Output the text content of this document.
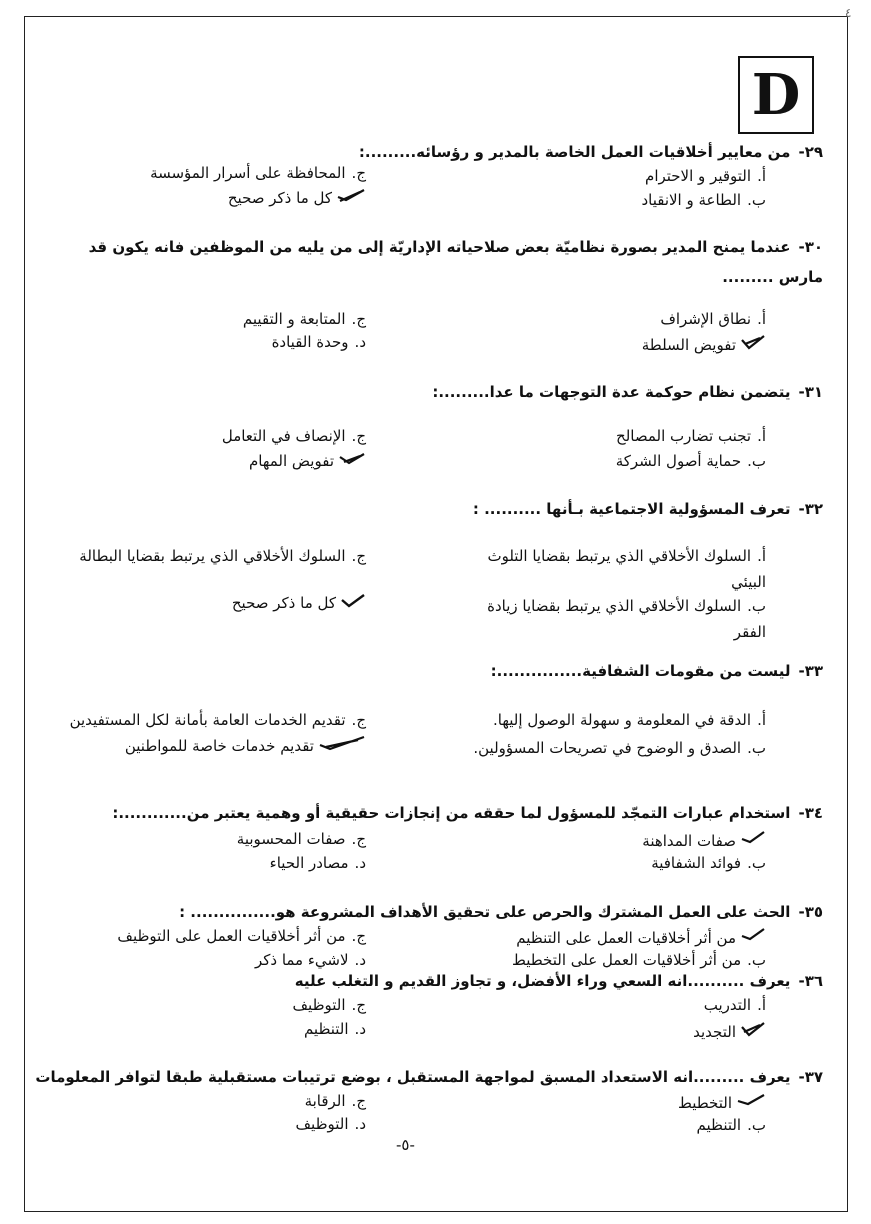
٤
D
٢٩-من معايير أخلاقيات العمل الخاصة بالمدير و رؤسائه.........:
أ.التوقير و الاحترام
ب.الطاعة و الانقياد
ج.المحافظة على أسرار المؤسسة
كل ما ذكر صحيح
٣٠-عندما يمنح المدير بصورة نظاميّة بعض صلاحياته الإداريّة إلى من يليه من الموظفين فانه يكون قد مارس .........
أ.نطاق الإشراف
تفويض السلطة
ج.المتابعة و التقييم
د.وحدة القيادة
٣١-يتضمن نظام حوكمة عدة التوجهات ما عدا.........:
أ.تجنب تضارب المصالح
ب.حماية أصول الشركة
ج.الإنصاف في التعامل
تفويض المهام
٣٢-تعرف المسؤولية الاجتماعية بـأنها .......... :
أ.السلوك الأخلاقي الذي يرتبط بقضايا التلوث البيئي
ب.السلوك الأخلاقي الذي يرتبط بقضايا زيادة الفقر
ج.السلوك الأخلاقي الذي يرتبط بقضايا البطالة
كل ما ذكر صحيح
٣٣-ليست من مقومات الشفافية...............:
أ.الدقة في المعلومة و سهولة الوصول إليها.
ب.الصدق و الوضوح في تصريحات المسؤولين.
ج.تقديم الخدمات العامة بأمانة لكل المستفيدين
تقديم خدمات خاصة للمواطنين
٣٤-استخدام عبارات التمجّد للمسؤول لما حققه من إنجازات حقيقية أو وهمية يعتبر من............:
صفات المداهنة
ب.فوائد الشفافية
ج.صفات المحسوبية
د.مصادر الحياء
٣٥-الحث على العمل المشترك والحرص على تحقيق الأهداف المشروعة هو............... :
من أثر أخلاقيات العمل على التنظيم
ب.من أثر أخلاقيات العمل على التخطيط
ج.من أثر أخلاقيات العمل على التوظيف
د.لاشيء مما ذكر
٣٦-يعرف ..........انه السعي وراء الأفضل، و تجاوز القديم و التغلب عليه
أ.التدريب
التجديد
ج.التوظيف
د.التنظيم
٣٧-يعرف .........انه الاستعداد المسبق لمواجهة المستقبل ، بوضع ترتيبات مستقبلية طبقا لتوافر المعلومات
التخطيط
ب.التنظيم
ج.الرقابة
د.التوظيف
-٥-
